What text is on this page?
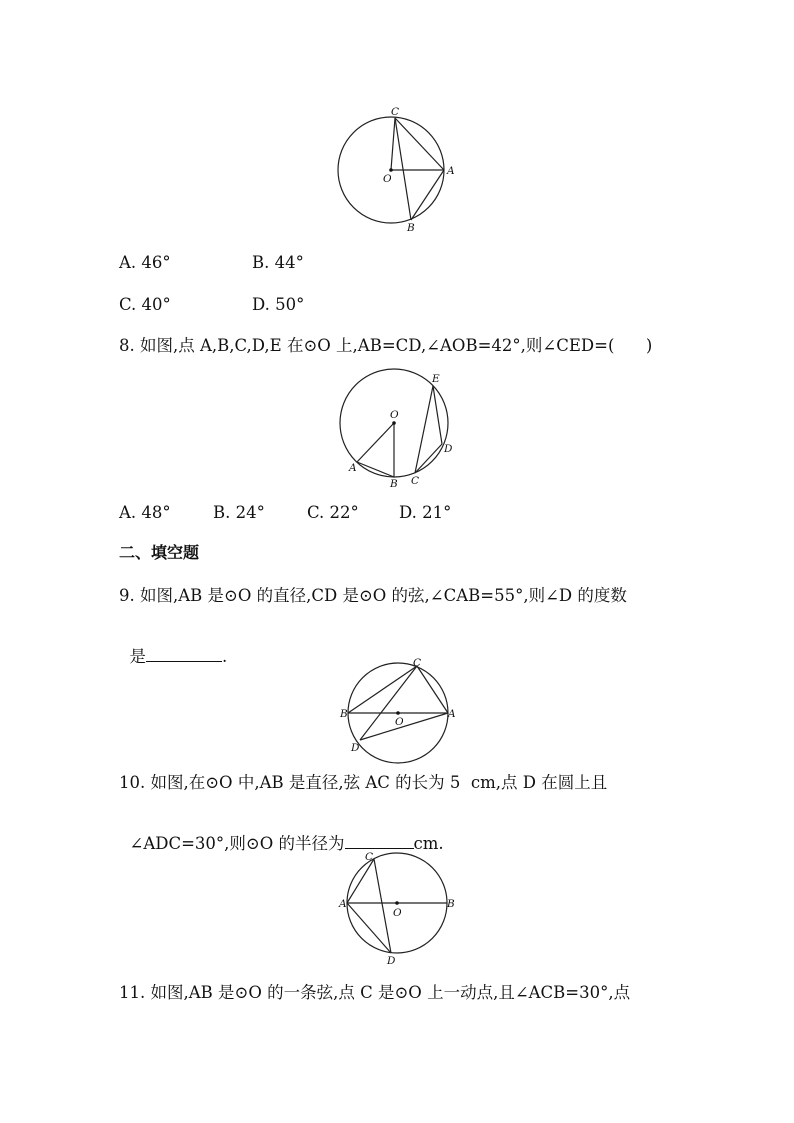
C
O
A
B
A. 46°	B. 44°
C. 40°	D. 50°
8. 如图,点 A,B,C,D,E 在⊙O 上,AB=CD,∠AOB=42°,则∠CED=(      )
O
E
D
C
B
A
A. 48°	B. 24°	C. 22° D. 21°
二、填空题
9. 如图,AB 是⊙O 的直径,CD 是⊙O 的弦,∠CAB=55°,则∠D 的度数

是	.	C
B
O
A
D
10. 如图,在⊙O 中,AB 是直径,弦 AC 的长为 5  cm,点 D 在圆上且

∠ADC=30°,则⊙O 的半径为	cm.

C
A
O
B
D
11. 如图,AB 是⊙O 的一条弦,点 C 是⊙O 上一动点,且∠ACB=30°,点
